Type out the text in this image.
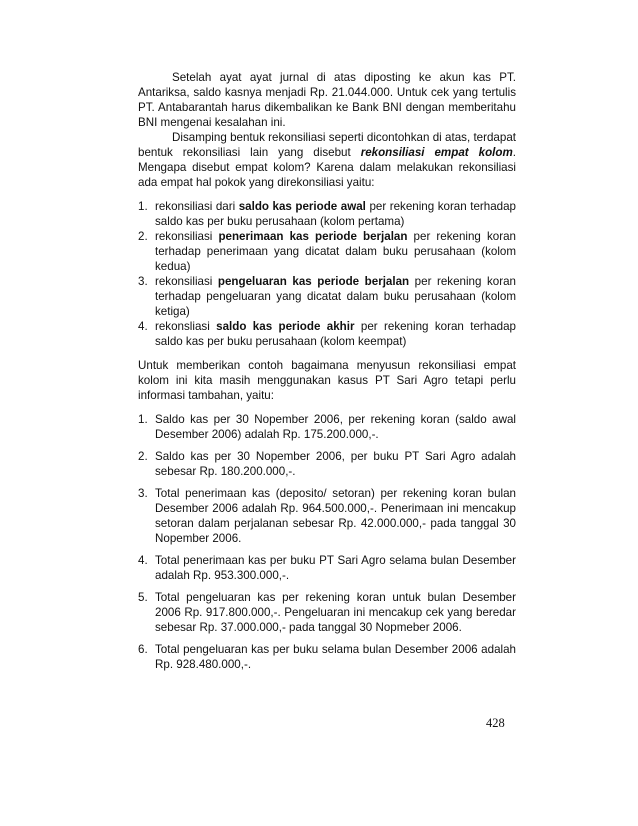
Setelah ayat ayat jurnal di atas diposting ke akun kas PT. Antariksa, saldo kasnya menjadi Rp. 21.044.000. Untuk cek yang tertulis PT. Antabarantah harus dikembalikan ke Bank BNI dengan memberitahu BNI mengenai kesalahan ini.

Disamping bentuk rekonsiliasi seperti dicontohkan di atas, terdapat bentuk rekonsiliasi lain yang disebut rekonsiliasi empat kolom. Mengapa disebut empat kolom? Karena dalam melakukan rekonsiliasi ada empat hal pokok yang direkonsiliasi yaitu:

1. rekonsiliasi dari saldo kas periode awal per rekening koran terhadap saldo kas per buku perusahaan (kolom pertama)
2. rekonsiliasi penerimaan kas periode berjalan per rekening koran terhadap penerimaan yang dicatat dalam buku perusahaan (kolom kedua)
3. rekonsiliasi pengeluaran kas periode berjalan per rekening koran terhadap pengeluaran yang dicatat dalam buku perusahaan (kolom ketiga)
4. rekonsliasi saldo kas periode akhir per rekening koran terhadap saldo kas per buku perusahaan (kolom keempat)

Untuk memberikan contoh bagaimana menyusun rekonsiliasi empat kolom ini kita masih menggunakan kasus PT Sari Agro tetapi perlu informasi tambahan, yaitu:

1. Saldo kas per 30 Nopember 2006, per rekening koran (saldo awal Desember 2006) adalah Rp. 175.200.000,-.
2. Saldo kas per 30 Nopember 2006, per buku PT Sari Agro adalah sebesar Rp. 180.200.000,-.
3. Total penerimaan kas (deposito/ setoran) per rekening koran bulan Desember 2006 adalah Rp. 964.500.000,-. Penerimaan ini mencakup setoran dalam perjalanan sebesar Rp. 42.000.000,- pada tanggal 30 Nopember 2006.
4. Total penerimaan kas per buku PT Sari Agro selama bulan Desember adalah Rp. 953.300.000,-.
5. Total pengeluaran kas per rekening koran untuk bulan Desember 2006 Rp. 917.800.000,-. Pengeluaran ini mencakup cek yang beredar sebesar Rp. 37.000.000,- pada tanggal 30 Nopmeber 2006.
6. Total pengeluaran kas per buku selama bulan Desember 2006 adalah Rp. 928.480.000,-.
428
